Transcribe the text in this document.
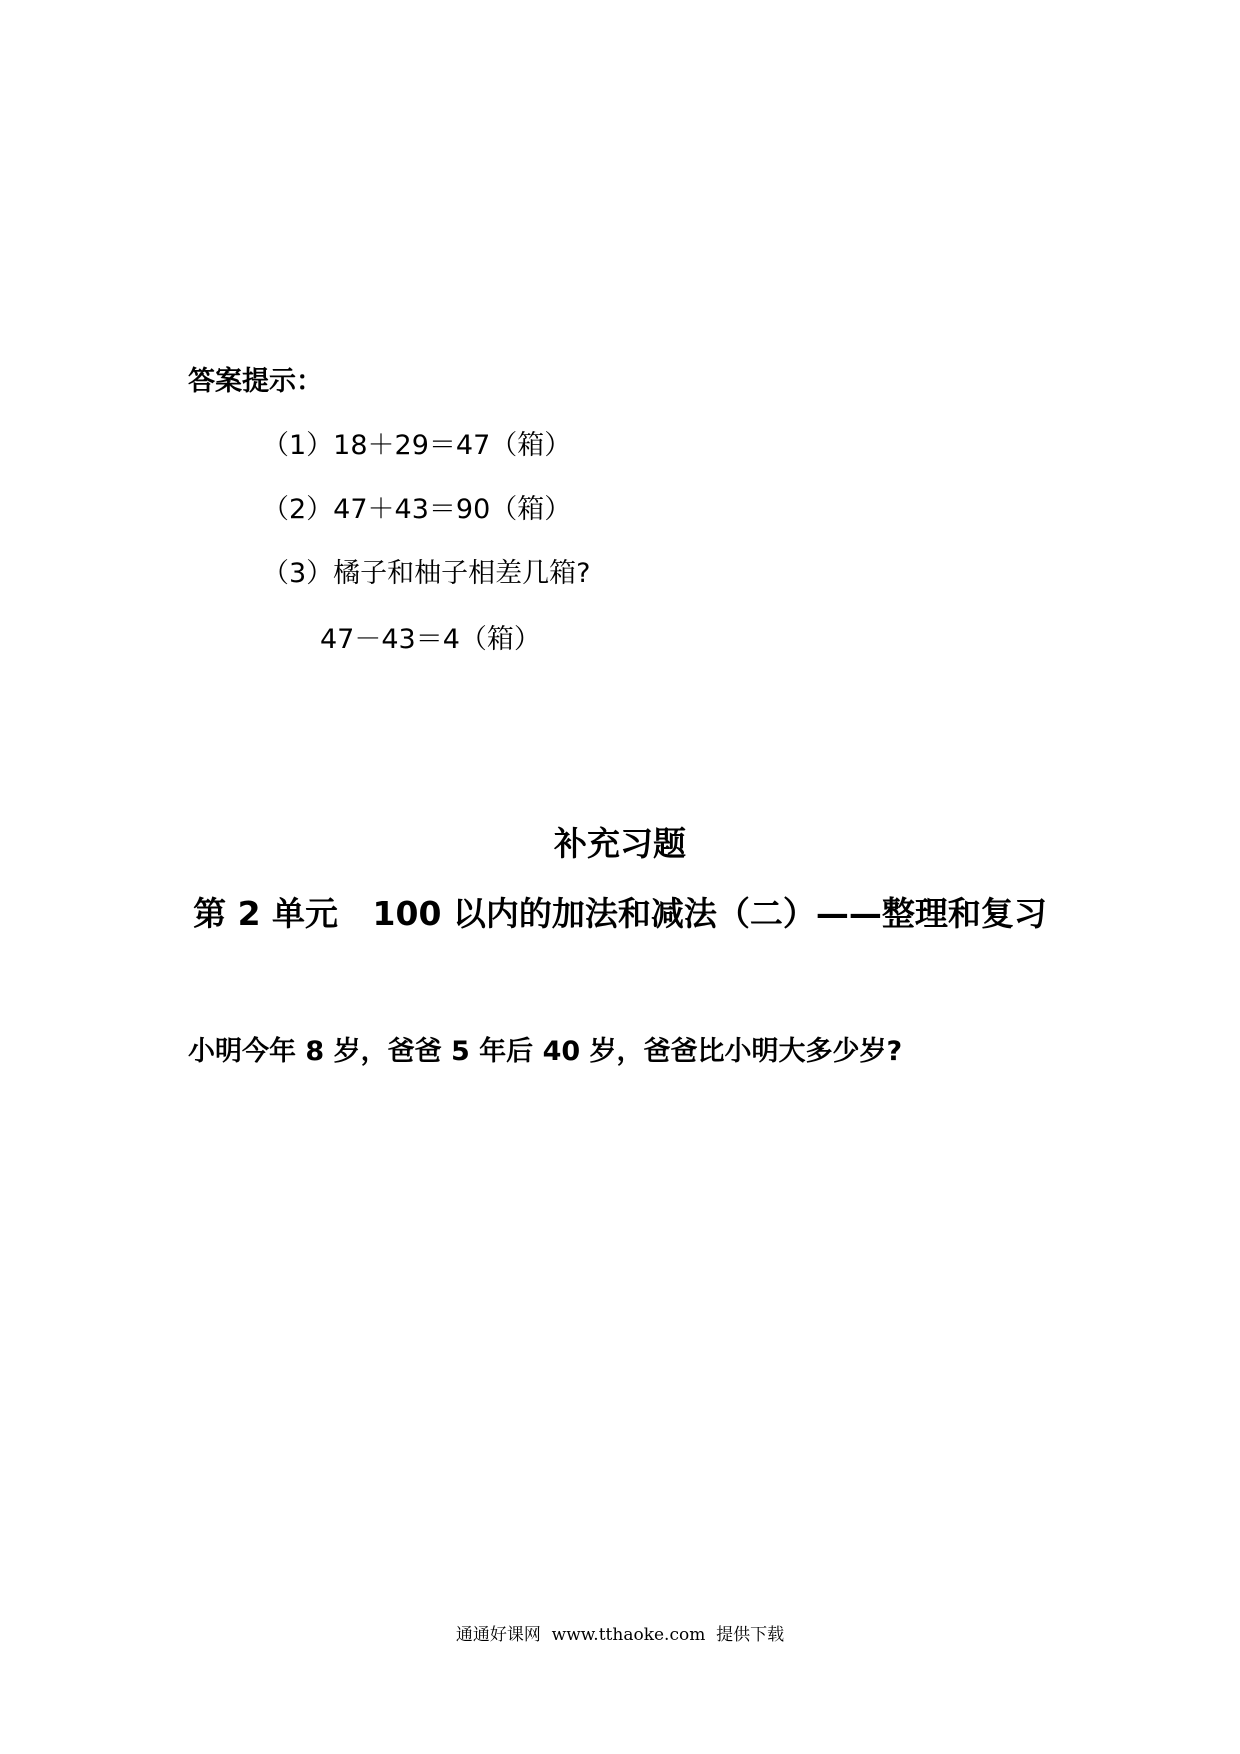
答案提示：
（1）18＋29＝47（箱）
（2）47＋43＝90（箱）
（3）橘子和柚子相差几箱?
47－43＝4（箱）
补充习题
第 2 单元   100 以内的加法和减法（二）——整理和复习
小明今年 8 岁，爸爸 5 年后 40 岁，爸爸比小明大多少岁?
通通好课网  www.tthaoke.com  提供下载
